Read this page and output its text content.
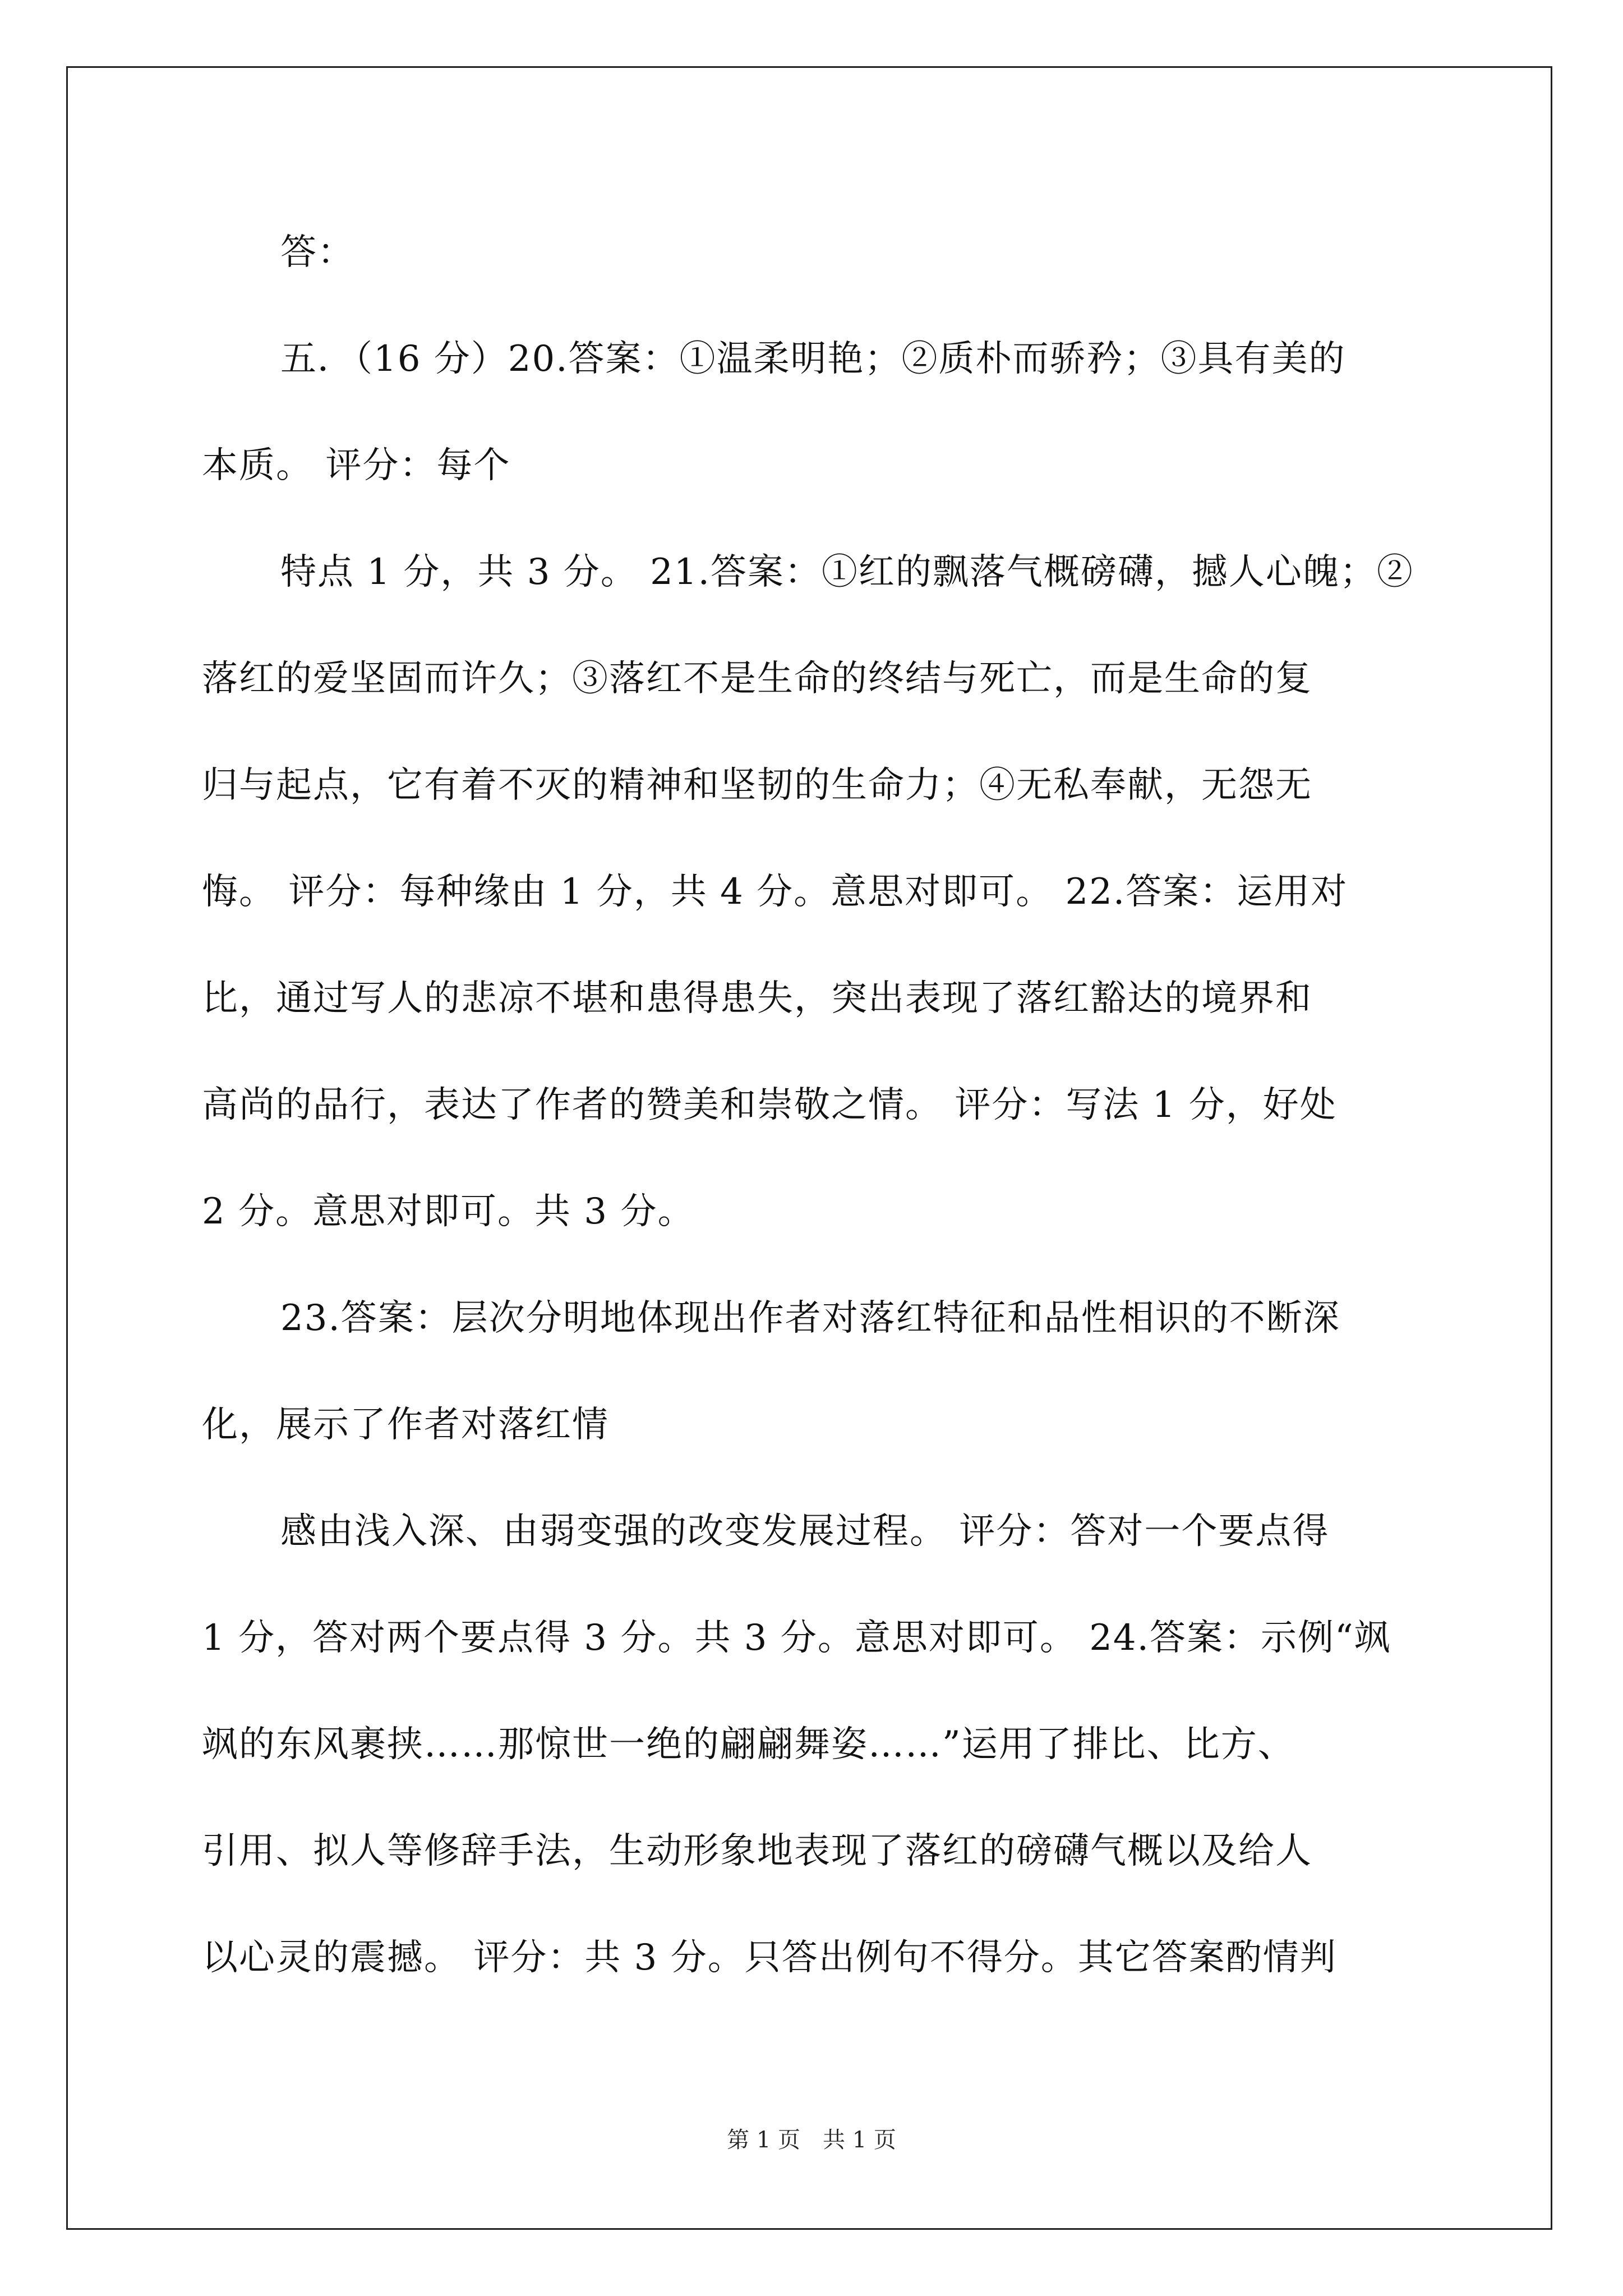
答：
五．（16 分）20.答案：①温柔明艳；②质朴而骄矜；③具有美的
本质。 评分：每个
特点 1 分，共 3 分。 21.答案：①红的飘落气概磅礴，撼人心魄；②
落红的爱坚固而许久；③落红不是生命的终结与死亡，而是生命的复
归与起点，它有着不灭的精神和坚韧的生命力；④无私奉献，无怨无
悔。 评分：每种缘由 1 分，共 4 分。意思对即可。 22.答案：运用对
比，通过写人的悲凉不堪和患得患失，突出表现了落红豁达的境界和
高尚的品行，表达了作者的赞美和崇敬之情。 评分：写法 1 分，好处
2 分。意思对即可。共 3 分。
23.答案：层次分明地体现出作者对落红特征和品性相识的不断深
化，展示了作者对落红情
感由浅入深、由弱变强的改变发展过程。 评分：答对一个要点得
1 分，答对两个要点得 3 分。共 3 分。意思对即可。 24.答案：示例“飒
飒的东风裹挟……那惊世一绝的翩翩舞姿……”运用了排比、比方、
引用、拟人等修辞手法，生动形象地表现了落红的磅礴气概以及给人
以心灵的震撼。 评分：共 3 分。只答出例句不得分。其它答案酌情判
第 1 页　共 1 页
